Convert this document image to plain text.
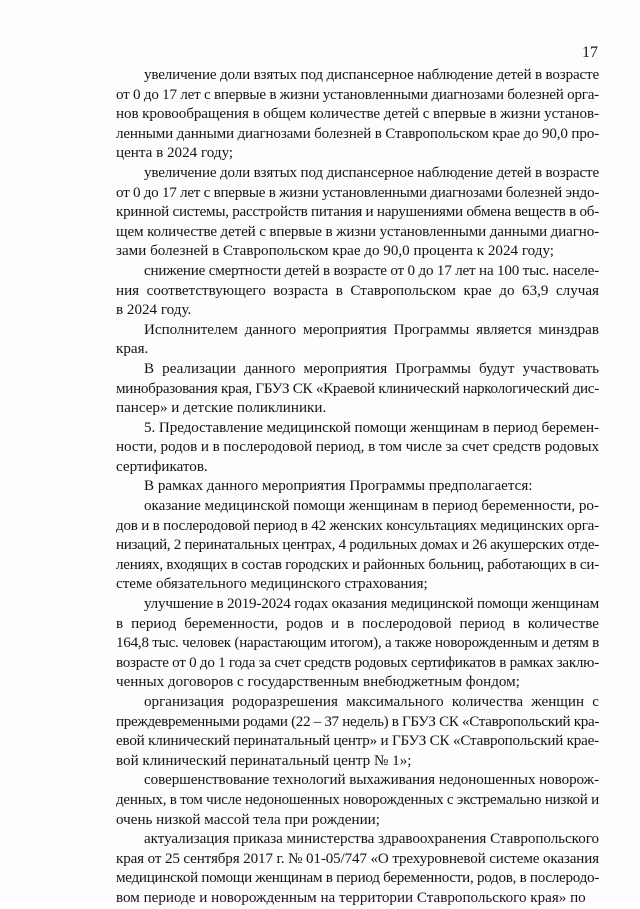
17

увеличение доли взятых под диспансерное наблюдение детей в возрасте
от 0 до 17 лет с впервые в жизни установленными диагнозами болезней орга-
нов кровообращения в общем количестве детей с впервые в жизни установ-
ленными данными диагнозами болезней в Ставропольском крае до 90,0 про-
цента в 2024 году;

увеличение доли взятых под диспансерное наблюдение детей в возрасте
от 0 до 17 лет с впервые в жизни установленными диагнозами болезней эндо-
кринной системы, расстройств питания и нарушениями обмена веществ в об-
щем количестве детей с впервые в жизни установленными данными диагно-
зами болезней в Ставропольском крае до 90,0 процента к 2024 году;

снижение смертности детей в возрасте от 0 до 17 лет на 100 тыс. населе-
ния соответствующего возраста в Ставропольском крае до 63,9 случая
в 2024 году.

Исполнителем данного мероприятия Программы является минздрав
края.

В реализации данного мероприятия Программы будут участвовать
минобразования края, ГБУЗ СК «Краевой клинический наркологический дис-
пансер» и детские поликлиники.

5. Предоставление медицинской помощи женщинам в период беремен-
ности, родов и в послеродовой период, в том числе за счет средств родовых
сертификатов.

В рамках данного мероприятия Программы предполагается:

оказание медицинской помощи женщинам в период беременности, ро-
дов и в послеродовой период в 42 женских консультациях медицинских орга-
низаций, 2 перинатальных центрах, 4 родильных домах и 26 акушерских отде-
лениях, входящих в состав городских и районных больниц, работающих в си-
стеме обязательного медицинского страхования;

улучшение в 2019-2024 годах оказания медицинской помощи женщинам
в период беременности, родов и в послеродовой период в количестве
164,8 тыс. человек (нарастающим итогом), а также новорожденным и детям в
возрасте от 0 до 1 года за счет средств родовых сертификатов в рамках заклю-
ченных договоров с государственным внебюджетным фондом;

организация родоразрешения максимального количества женщин с
преждевременными родами (22 – 37 недель) в ГБУЗ СК «Ставропольский кра-
евой клинический перинатальный центр» и ГБУЗ СК «Ставропольский крае-
вой клинический перинатальный центр № 1»;

совершенствование технологий выхаживания недоношенных новорож-
денных, в том числе недоношенных новорожденных с экстремально низкой и
очень низкой массой тела при рождении;

актуализация приказа министерства здравоохранения Ставропольского
края от 25 сентября 2017 г. № 01-05/747 «О трехуровневой системе оказания
медицинской помощи женщинам в период беременности, родов, в послеродо-
вом периоде и новорожденным на территории Ставропольского края» по
